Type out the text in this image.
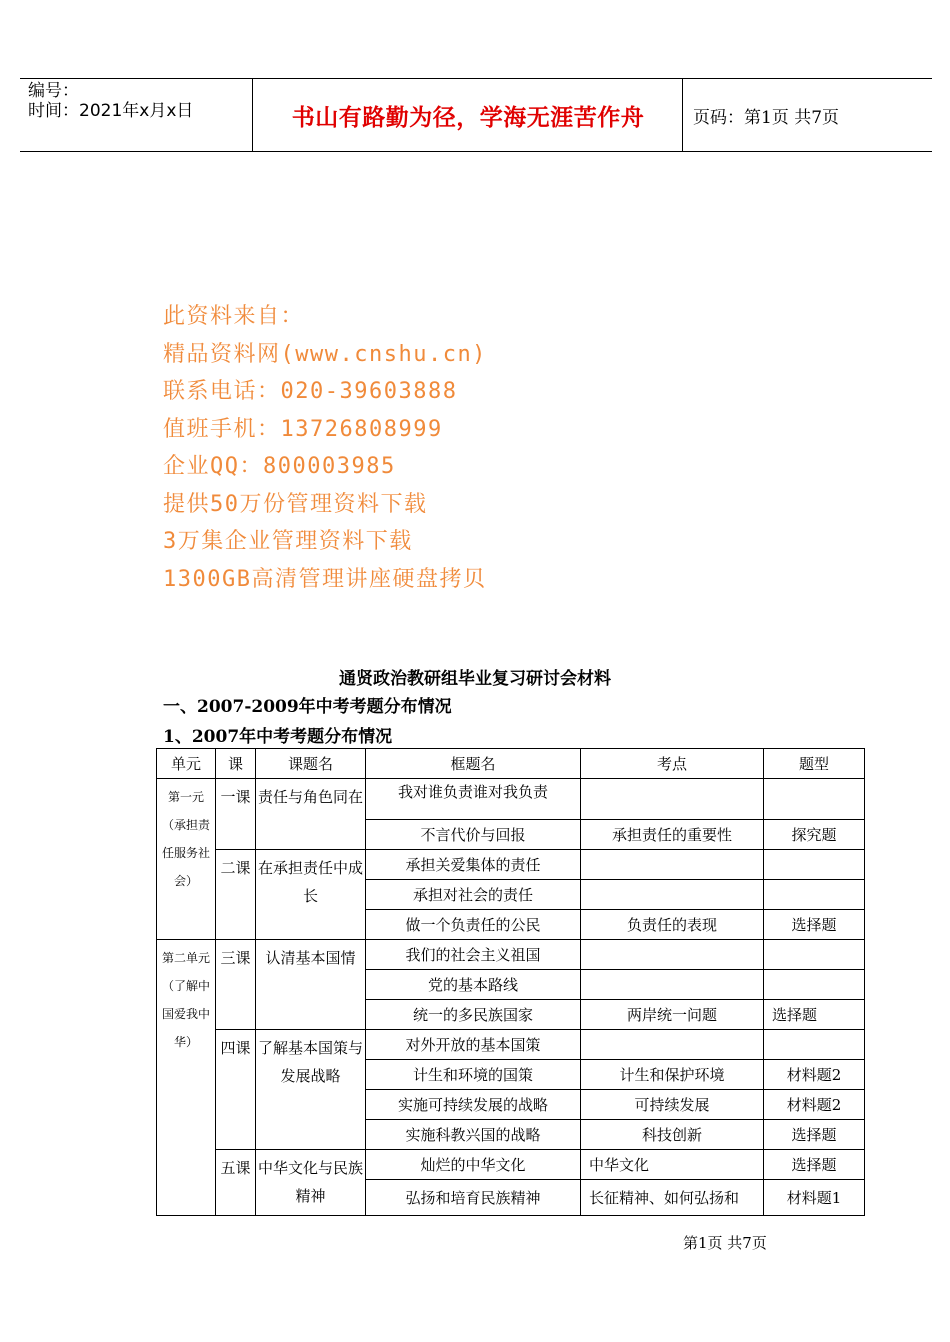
编号：
时间：2021年x月x日	书山有路勤为径，学海无涯苦作舟	页码：第1页 共7页
此资料来自：
精品资料网(www.cnshu.cn)
联系电话：020-39603888
值班手机：13726808999
企业QQ：800003985
提供50万份管理资料下载
3万集企业管理资料下载
1300GB高清管理讲座硬盘拷贝
通贤政治教研组毕业复习研讨会材料
一、2007-2009年中考考题分布情况
1、2007年中考考题分布情况
单元	课	课题名	框题名	考点	题型
第一元（承担责任服务社会）	一课	责任与角色同在	我对谁负责谁对我负责		
			不言代价与回报	承担责任的重要性	探究题
	二课	在承担责任中成长	承担关爱集体的责任		
			承担对社会的责任		
			做一个负责任的公民	负责任的表现	选择题
第二单元（了解中国爱我中华）	三课	认清基本国情	我们的社会主义祖国		
			党的基本路线		
			统一的多民族国家	两岸统一问题	选择题
	四课	了解基本国策与发展战略	对外开放的基本国策		
			计生和环境的国策	计生和保护环境	材料题2
			实施可持续发展的战略	可持续发展	材料题2
			实施科教兴国的战略	科技创新	选择题
	五课	中华文化与民族精神	灿烂的中华文化	中华文化	选择题
			弘扬和培育民族精神	长征精神、如何弘扬和	材料题1
第1页 共7页
